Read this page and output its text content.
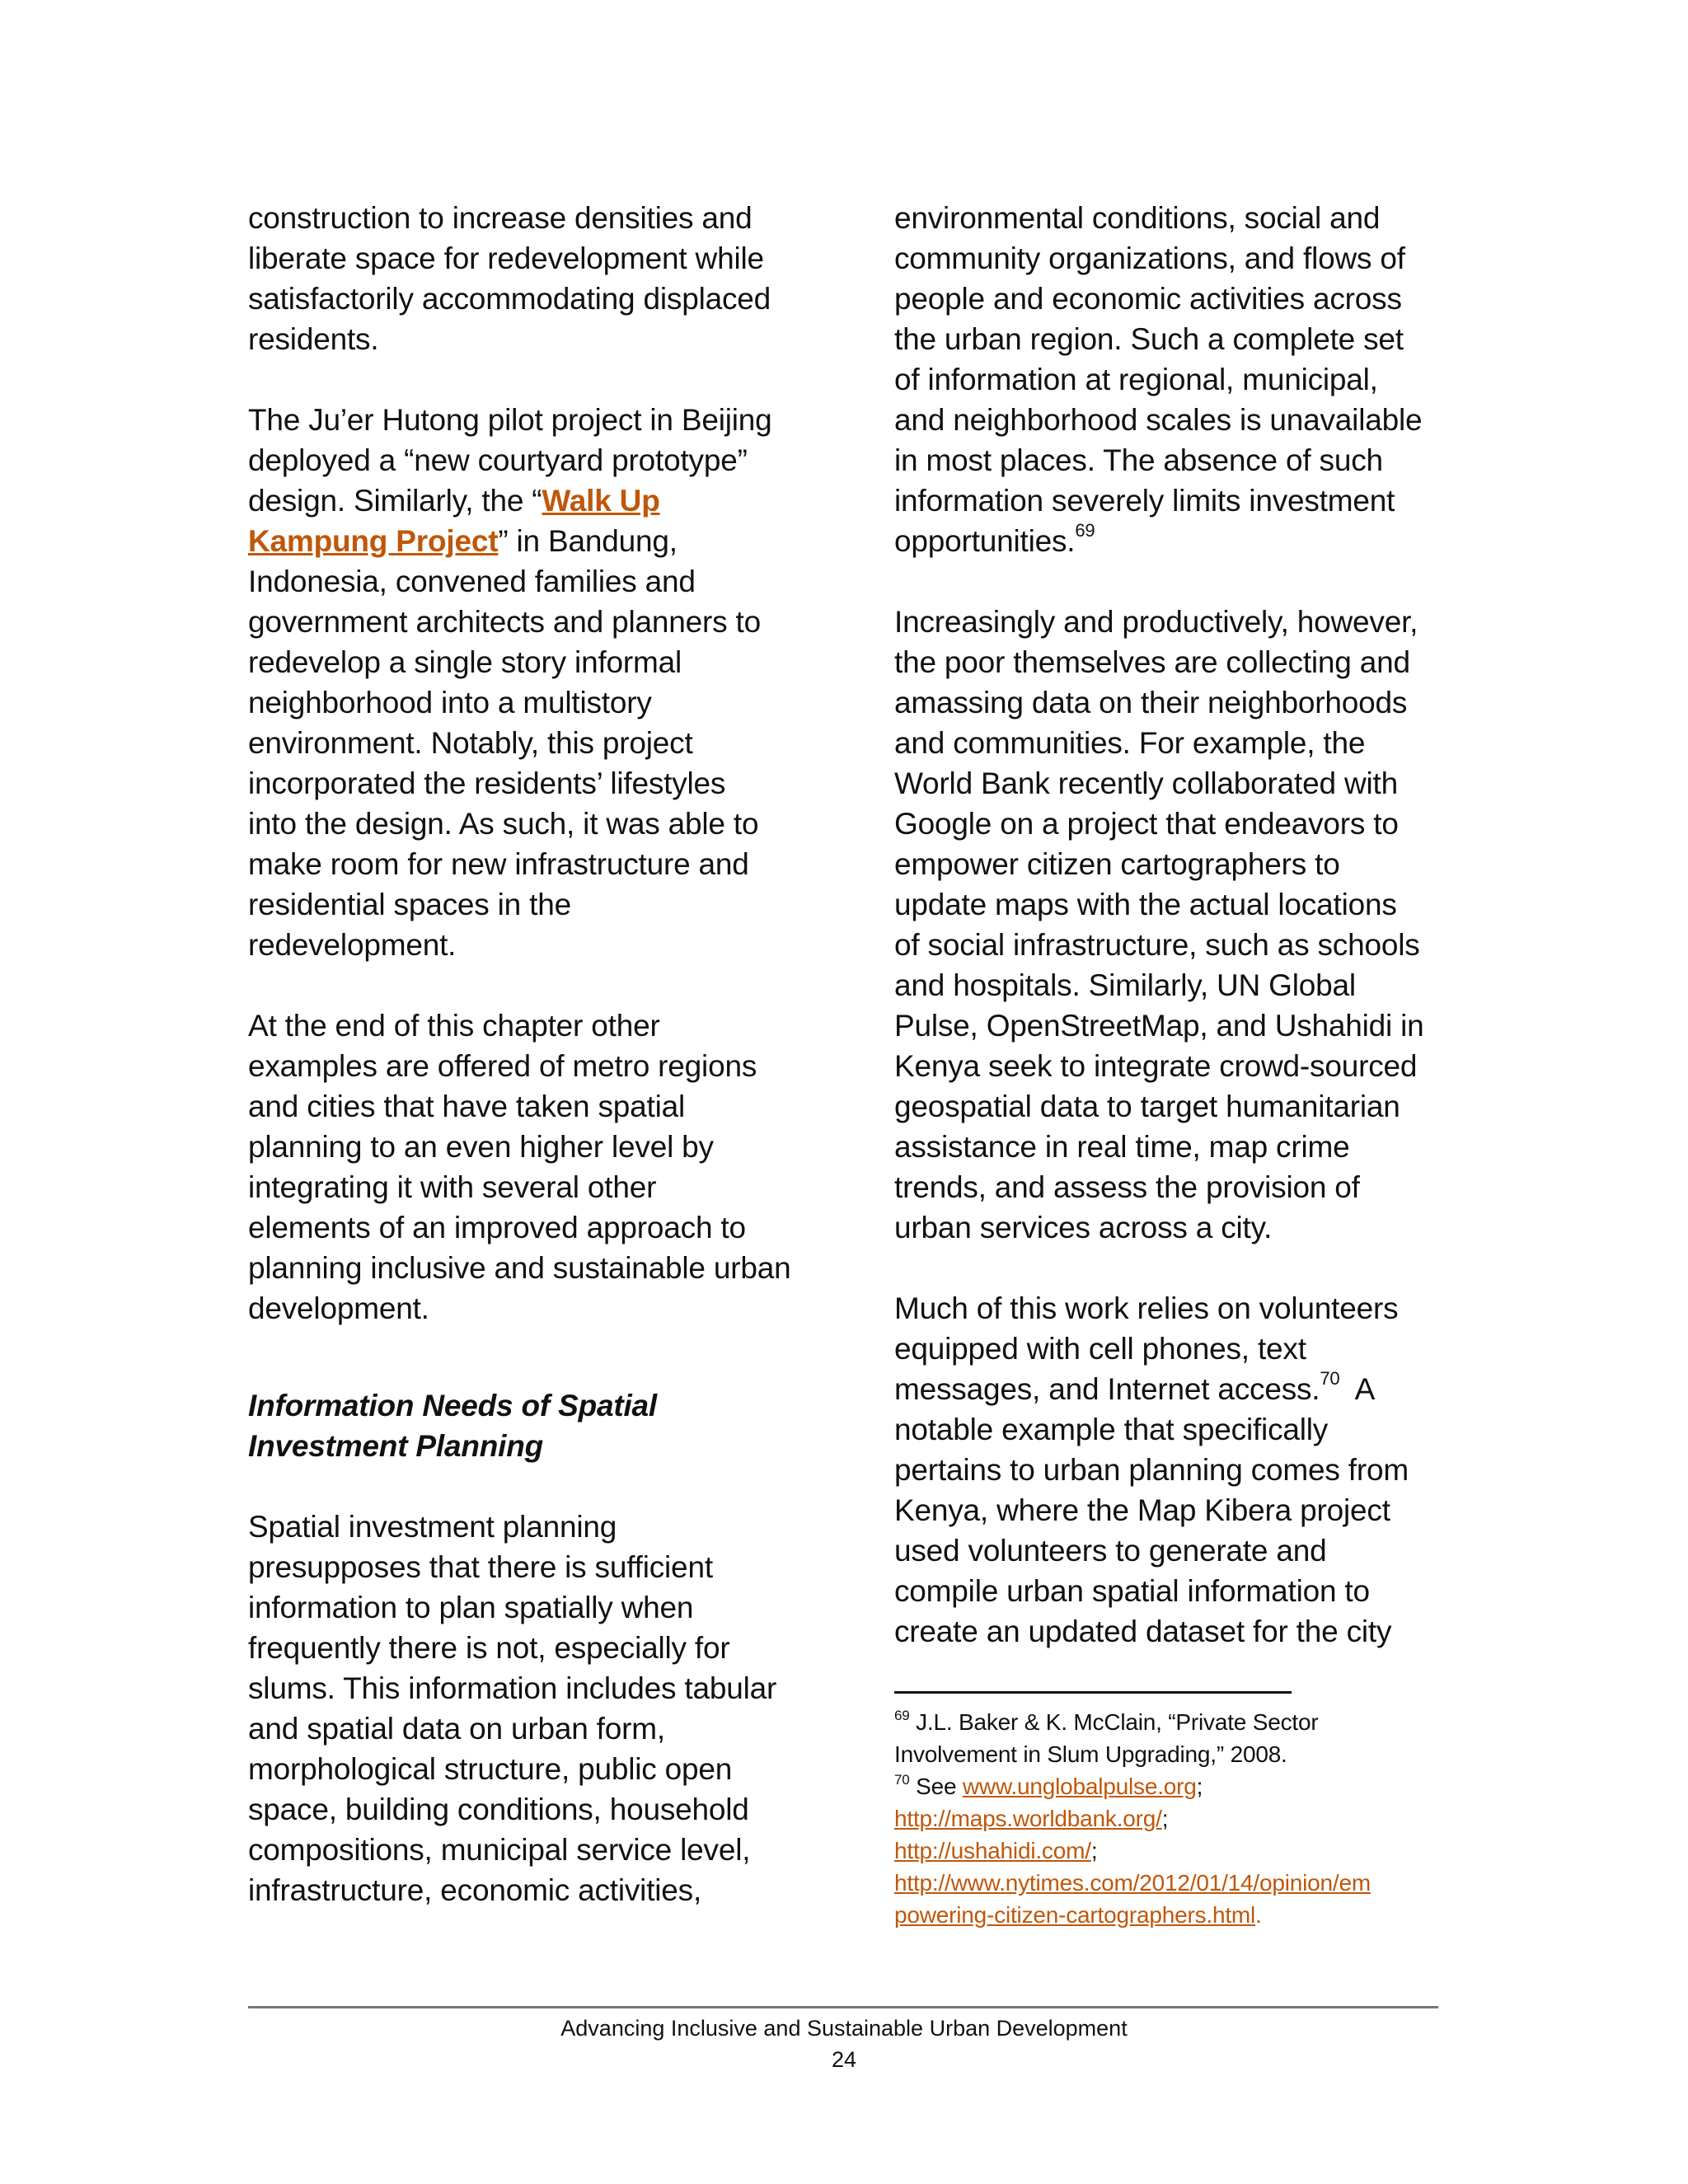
construction to increase densities and
liberate space for redevelopment while
satisfactorily accommodating displaced
residents.
The Ju’er Hutong pilot project in Beijing
deployed a “new courtyard prototype”
design. Similarly, the “Walk Up
Kampung Project” in Bandung,
Indonesia, convened families and
government architects and planners to
redevelop a single story informal
neighborhood into a multistory
environment. Notably, this project
incorporated the residents’ lifestyles
into the design. As such, it was able to
make room for new infrastructure and
residential spaces in the
redevelopment.
At the end of this chapter other
examples are offered of metro regions
and cities that have taken spatial
planning to an even higher level by
integrating it with several other
elements of an improved approach to
planning inclusive and sustainable urban
development.
Information Needs of Spatial
Investment Planning
Spatial investment planning
presupposes that there is sufficient
information to plan spatially when
frequently there is not, especially for
slums. This information includes tabular
and spatial data on urban form,
morphological structure, public open
space, building conditions, household
compositions, municipal service level,
infrastructure, economic activities,
environmental conditions, social and
community organizations, and flows of
people and economic activities across
the urban region. Such a complete set
of information at regional, municipal,
and neighborhood scales is unavailable
in most places. The absence of such
information severely limits investment
opportunities.$^{69}$
Increasingly and productively, however,
the poor themselves are collecting and
amassing data on their neighborhoods
and communities. For example, the
World Bank recently collaborated with
Google on a project that endeavors to
empower citizen cartographers to
update maps with the actual locations
of social infrastructure, such as schools
and hospitals. Similarly, UN Global
Pulse, OpenStreetMap, and Ushahidi in
Kenya seek to integrate crowd-sourced
geospatial data to target humanitarian
assistance in real time, map crime
trends, and assess the provision of
urban services across a city.
Much of this work relies on volunteers
equipped with cell phones, text
messages, and Internet access.$^{70}$  A
notable example that specifically
pertains to urban planning comes from
Kenya, where the Map Kibera project
used volunteers to generate and
compile urban spatial information to
create an updated dataset for the city
$^{69}$ J.L. Baker & K. McClain, “Private Sector
Involvement in Slum Upgrading,” 2008.
$^{70}$ See www.unglobalpulse.org;
http://maps.worldbank.org/;
http://ushahidi.com/;
http://www.nytimes.com/2012/01/14/opinion/em
powering-citizen-cartographers.html.
Advancing Inclusive and Sustainable Urban Development
24
